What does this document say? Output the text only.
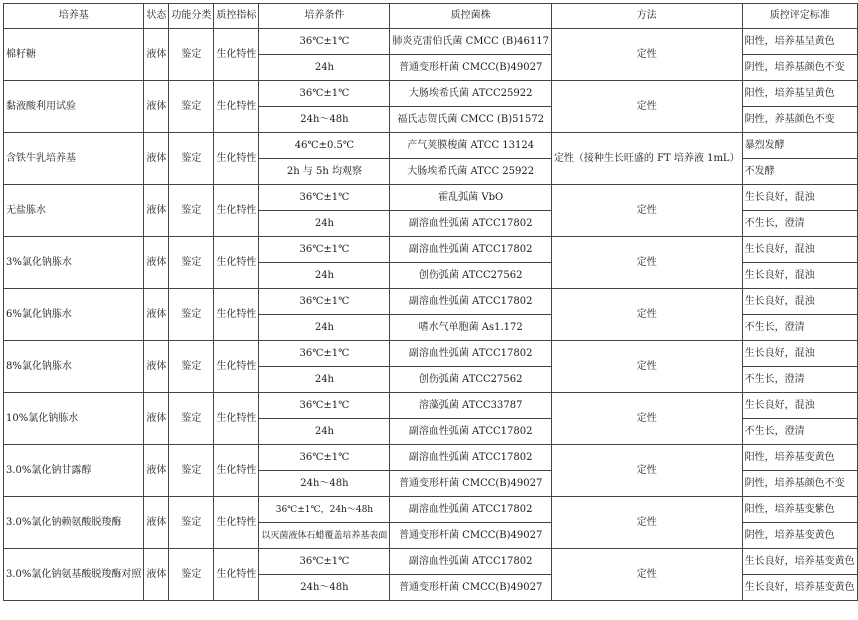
培养基	状态	功能分类	质控指标	培养条件	质控菌株	方法	质控评定标准
棉籽糖	液体	鉴定	生化特性	36℃±1℃	肺炎克雷伯氏菌 CMCC (B)46117	定性	阳性，培养基呈黄色
				24h	普通变形杆菌 CMCC(B)49027		阴性，培养基颜色不变
黏液酸利用试验	液体	鉴定	生化特性	36℃±1℃	大肠埃希氏菌 ATCC25922	定性	阳性，培养基呈黄色
				24h～48h	福氏志贺氏菌 CMCC (B)51572		阴性，养基颜色不变
含铁牛乳培养基	液体	鉴定	生化特性	46℃±0.5℃	产气荚膜梭菌 ATCC 13124	定性（接种生长旺盛的 FT 培养液 1mL）	暴烈发酵
				2h 与 5h 均观察	大肠埃希氏菌 ATCC 25922		不发酵
无盐胨水	液体	鉴定	生化特性	36℃±1℃	霍乱弧菌 VbO	定性	生长良好，混浊
				24h	副溶血性弧菌 ATCC17802		不生长，澄清
3%氯化钠胨水	液体	鉴定	生化特性	36℃±1℃	副溶血性弧菌 ATCC17802	定性	生长良好，混浊
				24h	创伤弧菌 ATCC27562		生长良好，混浊
6%氯化钠胨水	液体	鉴定	生化特性	36℃±1℃	副溶血性弧菌 ATCC17802	定性	生长良好，混浊
				24h	嗜水气单胞菌 As1.172		不生长，澄清
8%氯化钠胨水	液体	鉴定	生化特性	36℃±1℃	副溶血性弧菌 ATCC17802	定性	生长良好，混浊
				24h	创伤弧菌 ATCC27562		不生长，澄清
10%氯化钠胨水	液体	鉴定	生化特性	36℃±1℃	溶藻弧菌 ATCC33787	定性	生长良好，混浊
				24h	副溶血性弧菌 ATCC17802		不生长，澄清
3.0%氯化钠甘露醇	液体	鉴定	生化特性	36℃±1℃	副溶血性弧菌 ATCC17802	定性	阳性，培养基变黄色
				24h～48h	普通变形杆菌 CMCC(B)49027		阴性，培养基颜色不变
3.0%氯化钠赖氨酸脱羧酶	液体	鉴定	生化特性	36℃±1℃，24h～48h	副溶血性弧菌 ATCC17802	定性	阳性，培养基变紫色
				以灭菌液体石蜡覆盖培养基表面	普通变形杆菌 CMCC(B)49027		阴性，培养基变黄色
3.0%氯化钠氨基酸脱羧酶对照	液体	鉴定	生化特性	36℃±1℃	副溶血性弧菌 ATCC17802	定性	生长良好，培养基变黄色
				24h～48h	普通变形杆菌 CMCC(B)49027		生长良好，培养基变黄色
